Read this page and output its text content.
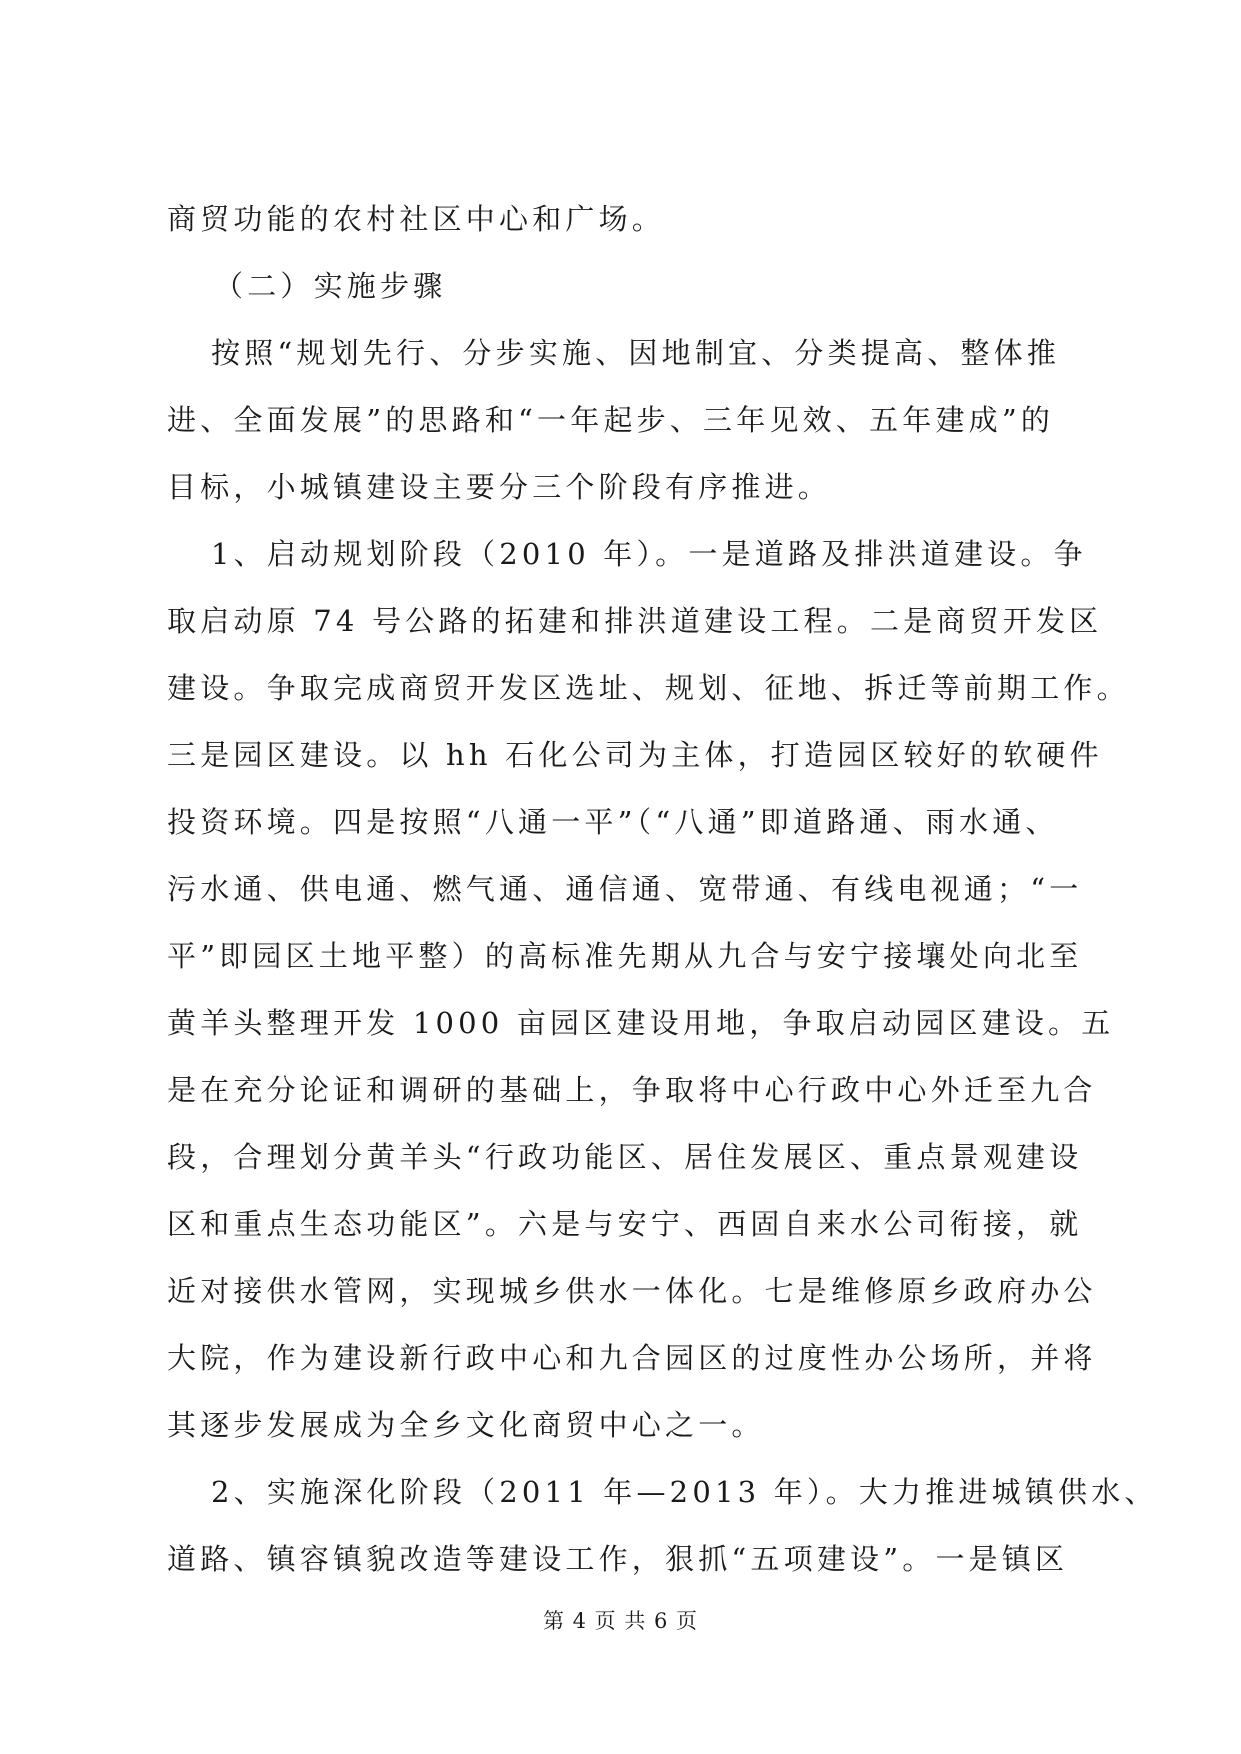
商贸功能的农村社区中心和广场。
（二）实施步骤
按照“规划先行、分步实施、因地制宜、分类提高、整体推
进、全面发展”的思路和“一年起步、三年见效、五年建成”的
目标，小城镇建设主要分三个阶段有序推进。
1、启动规划阶段（2010 年）。一是道路及排洪道建设。争
取启动原 74 号公路的拓建和排洪道建设工程。二是商贸开发区
建设。争取完成商贸开发区选址、规划、征地、拆迁等前期工作。
三是园区建设。以 hh 石化公司为主体，打造园区较好的软硬件
投资环境。四是按照“八通一平”（“八通”即道路通、雨水通、
污水通、供电通、燃气通、通信通、宽带通、有线电视通；“一
平”即园区土地平整）的高标准先期从九合与安宁接壤处向北至
黄羊头整理开发 1000 亩园区建设用地，争取启动园区建设。五
是在充分论证和调研的基础上，争取将中心行政中心外迁至九合
段，合理划分黄羊头“行政功能区、居住发展区、重点景观建设
区和重点生态功能区”。六是与安宁、西固自来水公司衔接，就
近对接供水管网，实现城乡供水一体化。七是维修原乡政府办公
大院，作为建设新行政中心和九合园区的过度性办公场所，并将
其逐步发展成为全乡文化商贸中心之一。
2、实施深化阶段（2011 年—2013 年）。大力推进城镇供水、
道路、镇容镇貌改造等建设工作，狠抓“五项建设”。一是镇区
第 4 页 共 6 页
